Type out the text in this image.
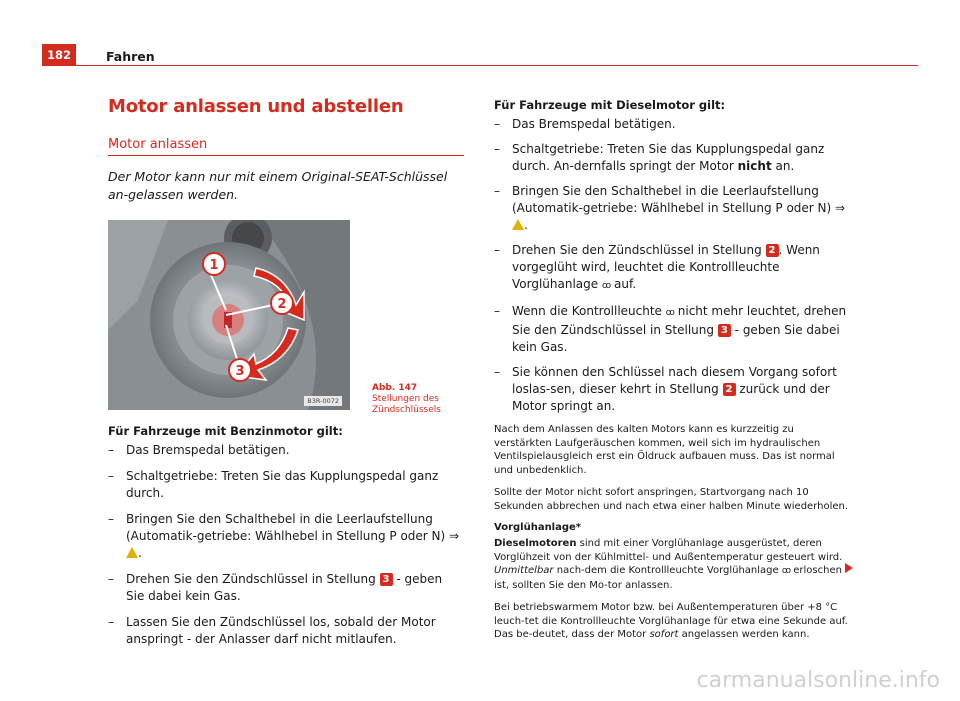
182	Fahren
Motor anlassen und abstellen
Motor anlassen
Der Motor kann nur mit einem Original-SEAT-Schlüssel an-gelassen werden.
1
2
3
B3R-0072
Abb. 147  Stellungen des Zündschlüssels
Für Fahrzeuge mit Benzinmotor gilt:
– Das Bremspedal betätigen.
– Schaltgetriebe: Treten Sie das Kupplungspedal ganz durch.
– Bringen Sie den Schalthebel in die Leerlaufstellung (Automatik-getriebe: Wählhebel in Stellung P oder N) ⇒ .
– Drehen Sie den Zündschlüssel in Stellung 3 - geben Sie dabei kein Gas.
– Lassen Sie den Zündschlüssel los, sobald der Motor anspringt - der Anlasser darf nicht mitlaufen.
Für Fahrzeuge mit Dieselmotor gilt:
– Das Bremspedal betätigen.
– Schaltgetriebe: Treten Sie das Kupplungspedal ganz durch. An-dernfalls springt der Motor nicht an.
– Bringen Sie den Schalthebel in die Leerlaufstellung (Automatik-getriebe: Wählhebel in Stellung P oder N) ⇒ .
– Drehen Sie den Zündschlüssel in Stellung 2 . Wenn vorgeglüht wird, leuchtet die Kontrollleuchte Vorglühanlage ꝏ auf.
– Wenn die Kontrollleuchte ꝏ nicht mehr leuchtet, drehen Sie den Zündschlüssel in Stellung 3 - geben Sie dabei kein Gas.
– Sie können den Schlüssel nach diesem Vorgang sofort loslas-sen, dieser kehrt in Stellung 2 zurück und der Motor springt an.

Nach dem Anlassen des kalten Motors kann es kurzzeitig zu verstärkten Laufgeräuschen kommen, weil sich im hydraulischen Ventilspielausgleich erst ein Öldruck aufbauen muss. Das ist normal und unbedenklich.

Sollte der Motor nicht sofort anspringen, Startvorgang nach 10 Sekunden abbrechen und nach etwa einer halben Minute wiederholen.

Vorglühanlage*

Dieselmotoren sind mit einer Vorglühanlage ausgerüstet, deren Vorglühzeit von der Kühlmittel- und Außentemperatur gesteuert wird. Unmittelbar nach-dem die Kontrollleuchte Vorglühanlage ꝏ erloschen ist, sollten Sie den Mo-tor anlassen.

Bei betriebswarmem Motor bzw. bei Außentemperaturen über +8 °C leuch-tet die Kontrollleuchte Vorglühanlage für etwa eine Sekunde auf. Das be-deutet, dass der Motor sofort angelassen werden kann.

carmanualsonline.info
